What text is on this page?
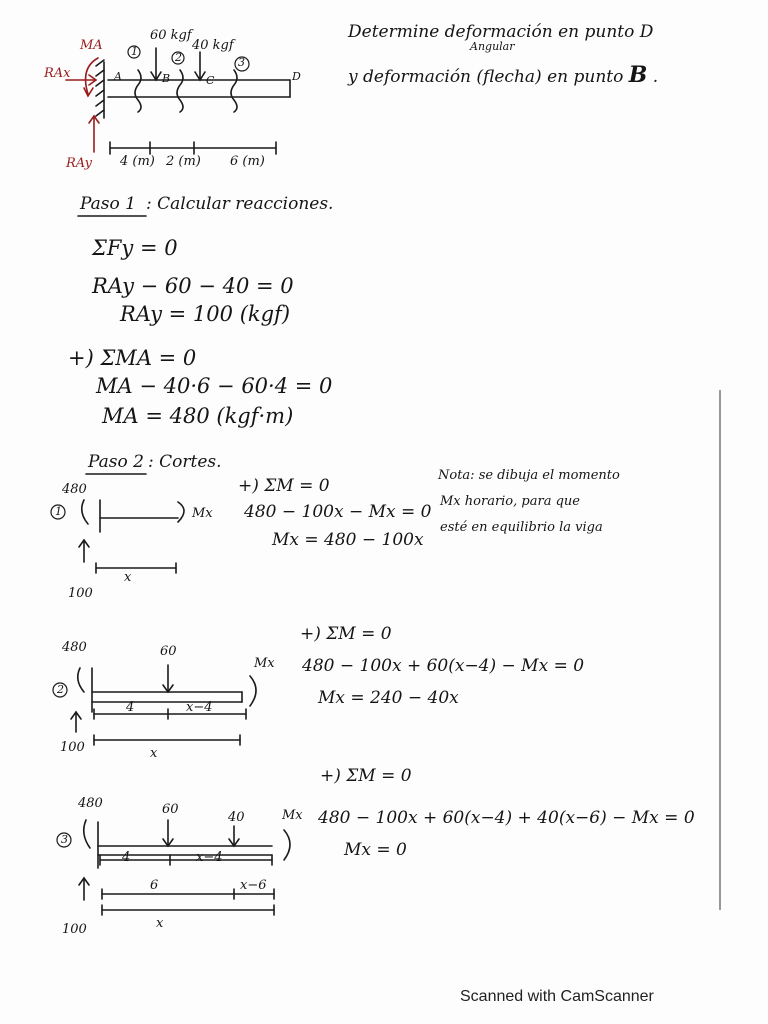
Determine deformación en punto D
Angular
y deformación (flecha) en punto B .
MA
RAx
RAy
A	B	C	D
60 kgf
40 kgf
1	2	3
4 (m) 2 (m) 6 (m)
Paso 1 : Calcular reacciones.
ΣFy = 0
RAy − 60 − 40 = 0
RAy = 100 (kgf)
+) ΣMA = 0
MA − 40·6 − 60·4 = 0
MA = 480 (kgf·m)
Paso 2 : Cortes.
Nota: se dibuja el momento
Mx horario, para que
esté en equilibrio la viga
1
480
100
Mx
x
+) ΣM = 0
480 − 100x − Mx = 0
Mx = 480 − 100x
2
480	60
100
Mx
4	x−4
x
+) ΣM = 0
480 − 100x + 60(x−4) − Mx = 0
Mx = 240 − 40x
3
480	60
40
100
Mx
4	x−4
6	x−6
x
+) ΣM = 0
480 − 100x + 60(x−4) + 40(x−6) − Mx = 0
Mx = 0
Scanned with CamScanner
